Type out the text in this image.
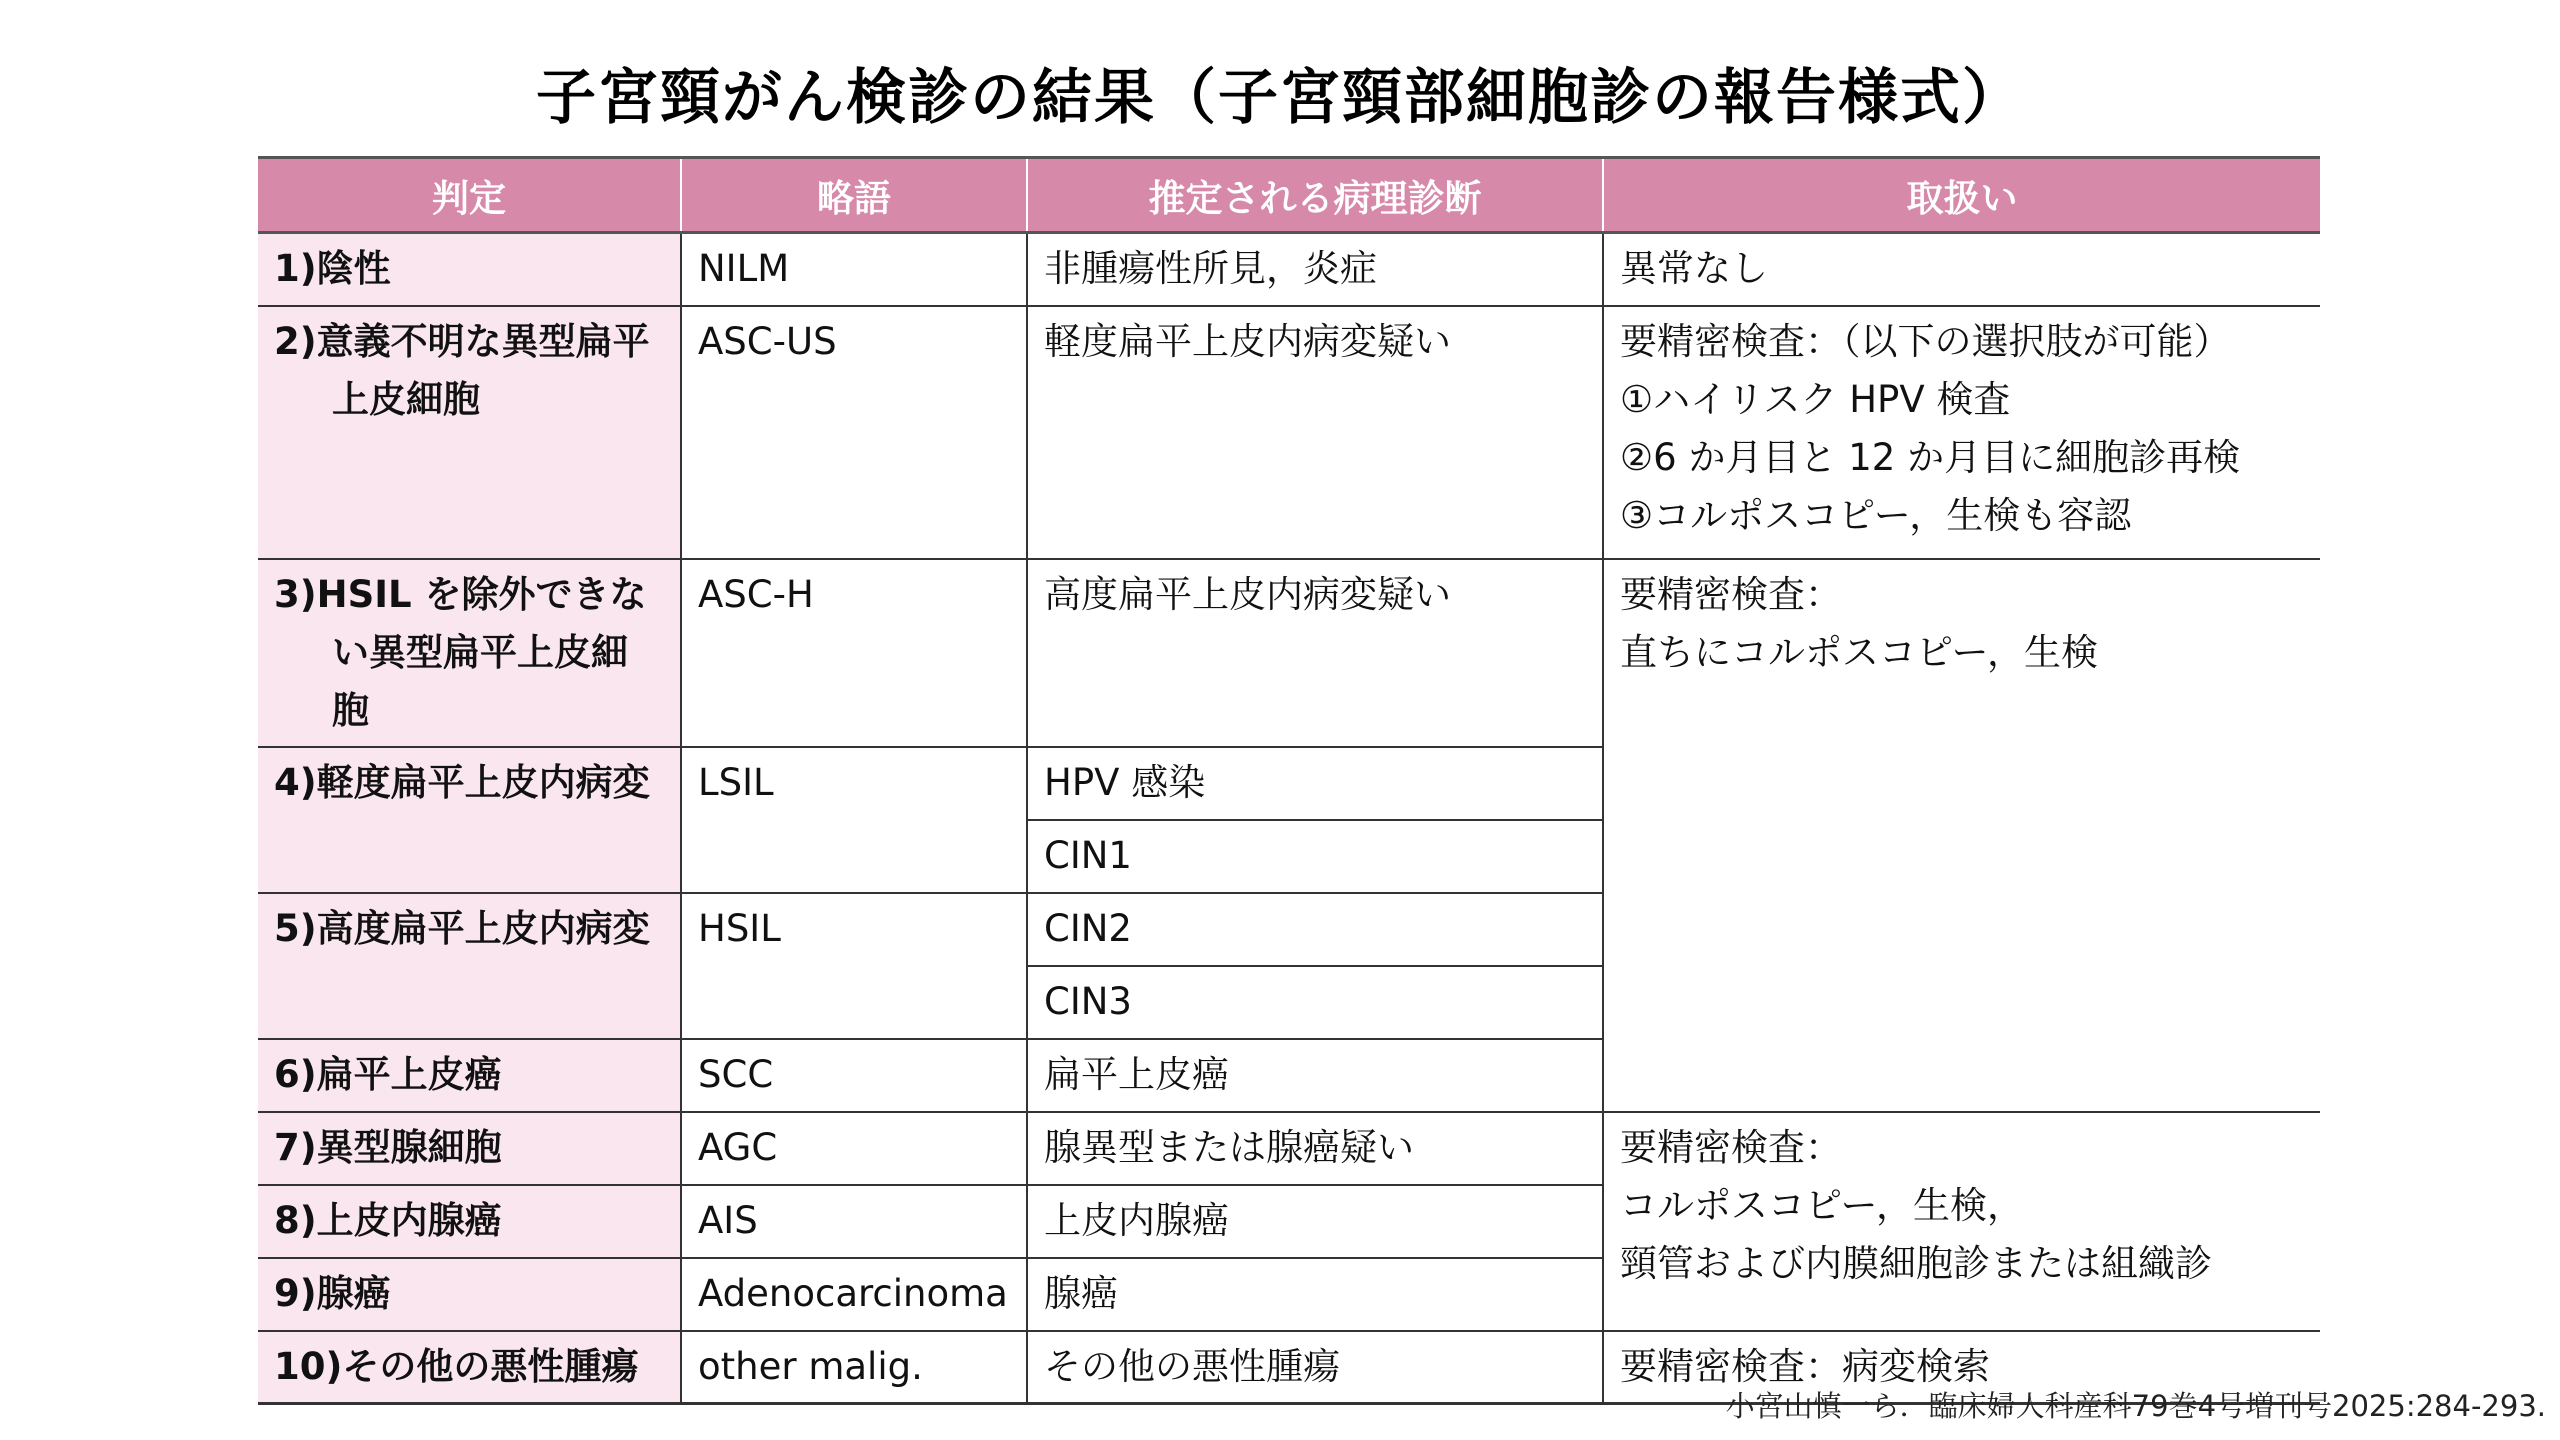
子宮頸がん検診の結果（子宮頸部細胞診の報告様式）
判定	略語	推定される病理診断	取扱い

1)陰性	NILM	非腫瘍性所見，炎症	異常なし

2)意義不明な異型扁平上皮細胞	ASC-US	軽度扁平上皮内病変疑い	要精密検査：（以下の選択肢が可能）
①ハイリスク HPV 検査
②6 か月目と 12 か月目に細胞診再検
③コルポスコピー，生検も容認

3)HSIL を除外できない異型扁平上皮細胞	ASC-H	高度扁平上皮内病変疑い	要精密検査：
直ちにコルポスコピー，生検

4)軽度扁平上皮内病変	LSIL	HPV 感染	
		CIN1	

5)高度扁平上皮内病変	HSIL	CIN2	
		CIN3	

6)扁平上皮癌	SCC	扁平上皮癌	

7)異型腺細胞	AGC	腺異型または腺癌疑い	要精密検査：
コルポスコピー，生検，
頸管および内膜細胞診または組織診

8)上皮内腺癌	AIS	上皮内腺癌	

9)腺癌	Adenocarcinoma	腺癌	

10)その他の悪性腫瘍	other malig.	その他の悪性腫瘍	要精密検査：病変検索
小宮山慎一ら．臨床婦人科産科79巻4号増刊号2025:284-293.
